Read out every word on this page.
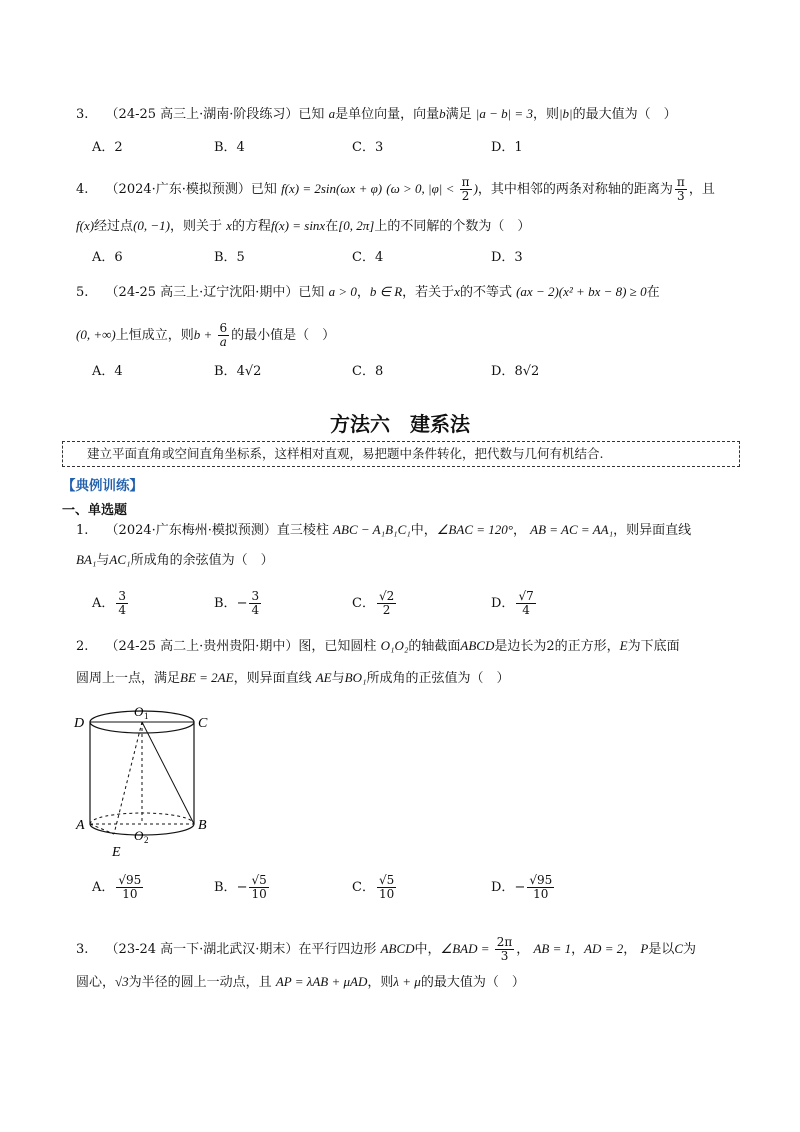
3.　 （24-25 高三上·湖南·阶段练习）已知 a是单位向量，向量b满足 |a − b| = 3，则|b|的最大值为（　）
A．2	B．4	C．3	D．1
4.　 （2024·广东·模拟预测）已知 f(x) = 2sin(ωx + φ) (ω > 0, $|\varphi| < \frac{\pi}{2}$ )，其中相邻的两条对称轴的距离为 $\frac{\pi}{3}$ ，且
f(x)经过点(0, −1)，则关于 x的方程f(x) = sinx在[0, 2π]上的不同解的个数为（　）
A．6	B．5	C．4	D．3
5.　 （24-25 高三上·辽宁沈阳·期中）已知 a > 0，b ∈ R，若关于x的不等式 (ax − 2)(x² + bx − 8) ≥ 0在
(0, +∞)上恒成立，则$b + \frac{6}{a}$ 的最小值是（　）
A．4	B．4√2	C．8	D．8√2
方法六　建系法
建立平面直角或空间直角坐标系，这样相对直观，易把题中条件转化，把代数与几何有机结合.
【典例训练】
一、单选题
1.　 （2024·广东梅州·模拟预测）直三棱柱 ABC − A₁B₁C₁中，∠BAC = 120°， AB = AC = AA₁，则异面直线
BA₁与AC₁所成角的余弦值为（　）
A． $\frac{3}{4}$	B．− $\frac{3}{4}$	C． $\frac{√2}{2}$	D． $\frac{√7}{4}$
2.　 （24-25 高二上·贵州贵阳·期中）图，已知圆柱 O₁O₂的轴截面ABCD是边长为2的正方形，E为下底面
圆周上一点，满足BE = 2AE，则异面直线 AE与BO₁所成角的正弦值为（　）
D	C
O 1
A	B
O 2
E
A． $\frac{√95}{10}$	B．− $\frac{√5}{10}$	C． $\frac{√5}{10}$	D．− $\frac{√95}{10}$
3.　 （23-24 高一下·湖北武汉·期末）在平行四边形 ABCD中，∠BAD = $\frac{2\pi}{3}$ ， AB = 1，AD = 2， P是以C为
圆心，√3为半径的圆上一动点，且 AP = λAB + μAD，则λ + μ的最大值为（　）
